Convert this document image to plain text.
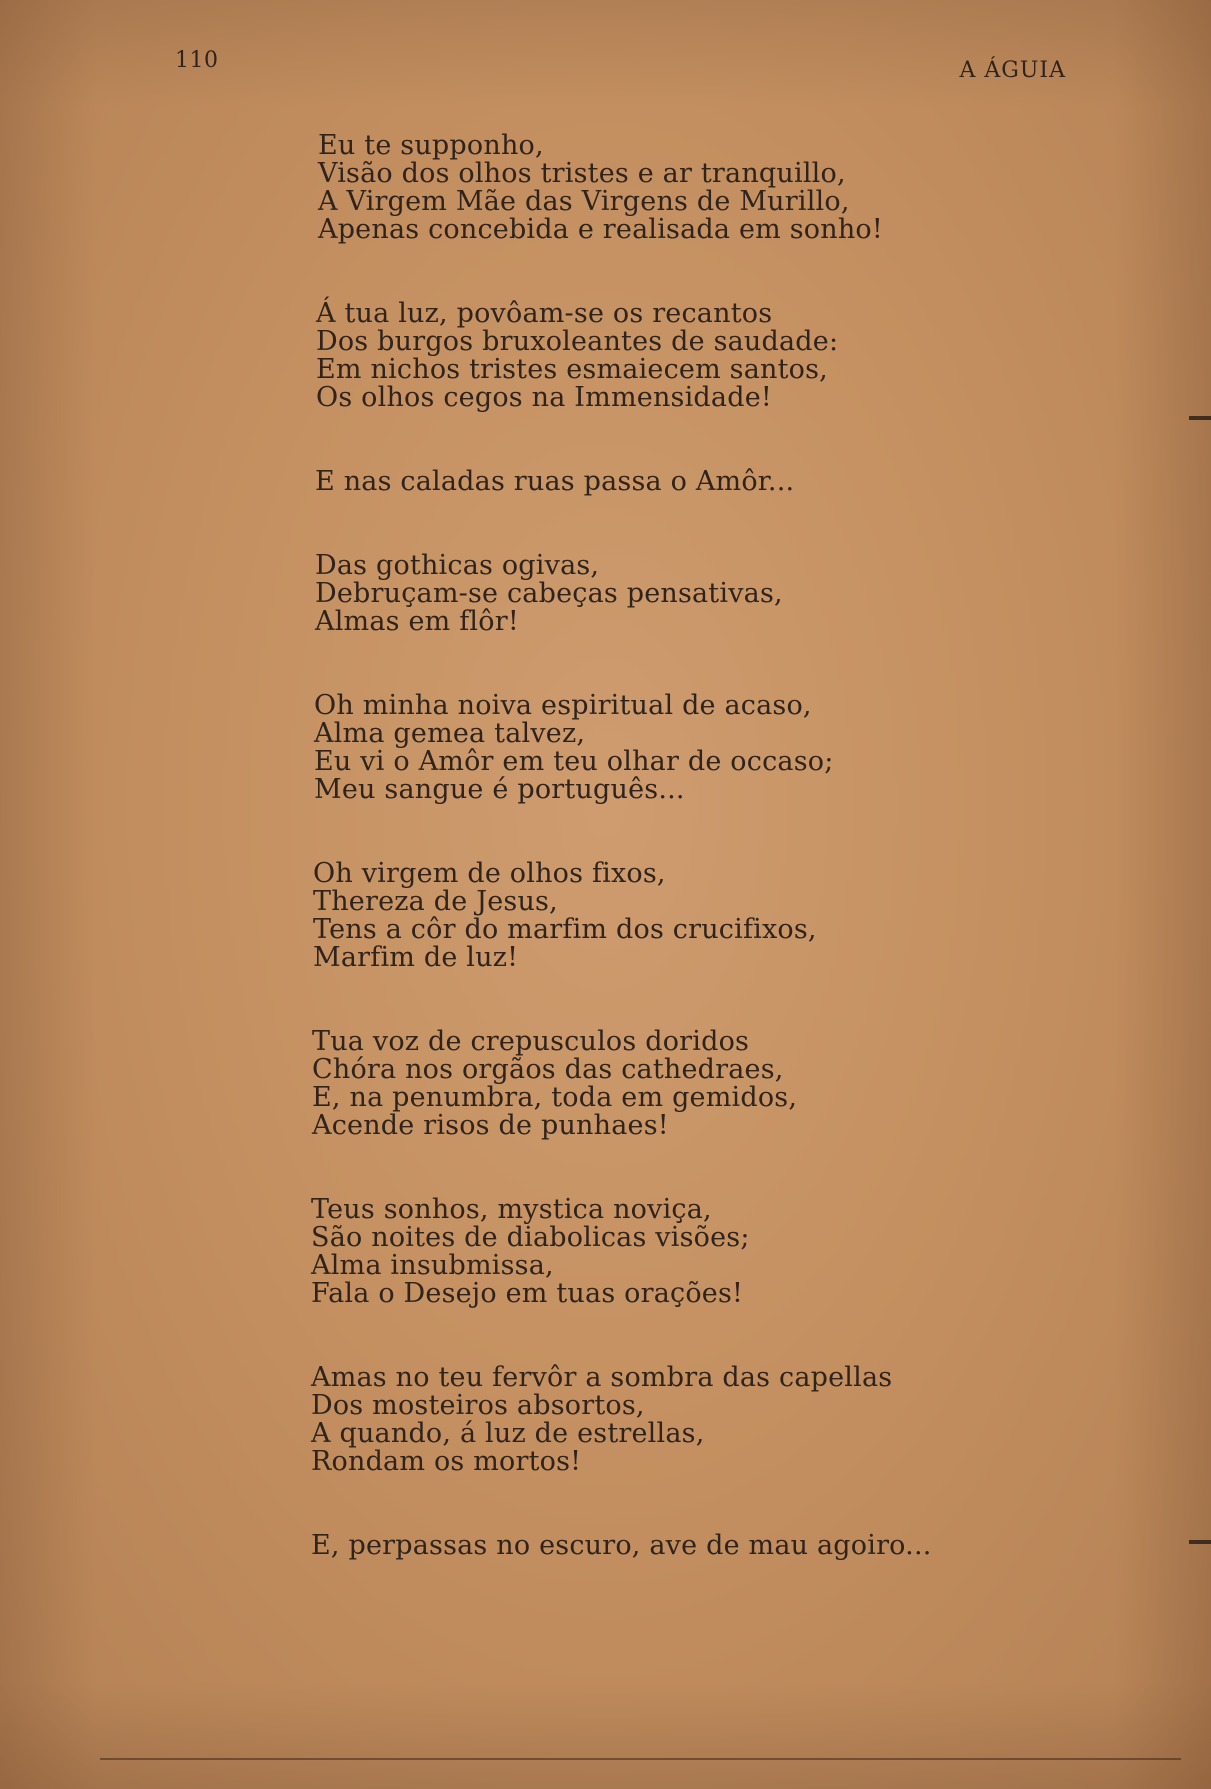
110	A ÁGUIA
Eu te supponho,
Visão dos olhos tristes e ar tranquillo,
A Virgem Mãe das Virgens de Murillo,
Apenas concebida e realisada em sonho!
Á tua luz, povôam-se os recantos
Dos burgos bruxoleantes de saudade:
Em nichos tristes esmaiecem santos,
Os olhos cegos na Immensidade!
E nas caladas ruas passa o Amôr...
Das gothicas ogivas,
Debruçam-se cabeças pensativas,
Almas em flôr!
Oh minha noiva espiritual de acaso,
Alma gemea talvez,
Eu vi o Amôr em teu olhar de occaso;
Meu sangue é português...
Oh virgem de olhos fixos,
Thereza de Jesus,
Tens a côr do marfim dos crucifixos,
Marfim de luz!
Tua voz de crepusculos doridos
Chóra nos orgãos das cathedraes,
E, na penumbra, toda em gemidos,
Acende risos de punhaes!
Teus sonhos, mystica noviça,
São noites de diabolicas visões;
Alma insubmissa,
Fala o Desejo em tuas orações!
Amas no teu fervôr a sombra das capellas
Dos mosteiros absortos,
A quando, á luz de estrellas,
Rondam os mortos!
E, perpassas no escuro, ave de mau agoiro...
